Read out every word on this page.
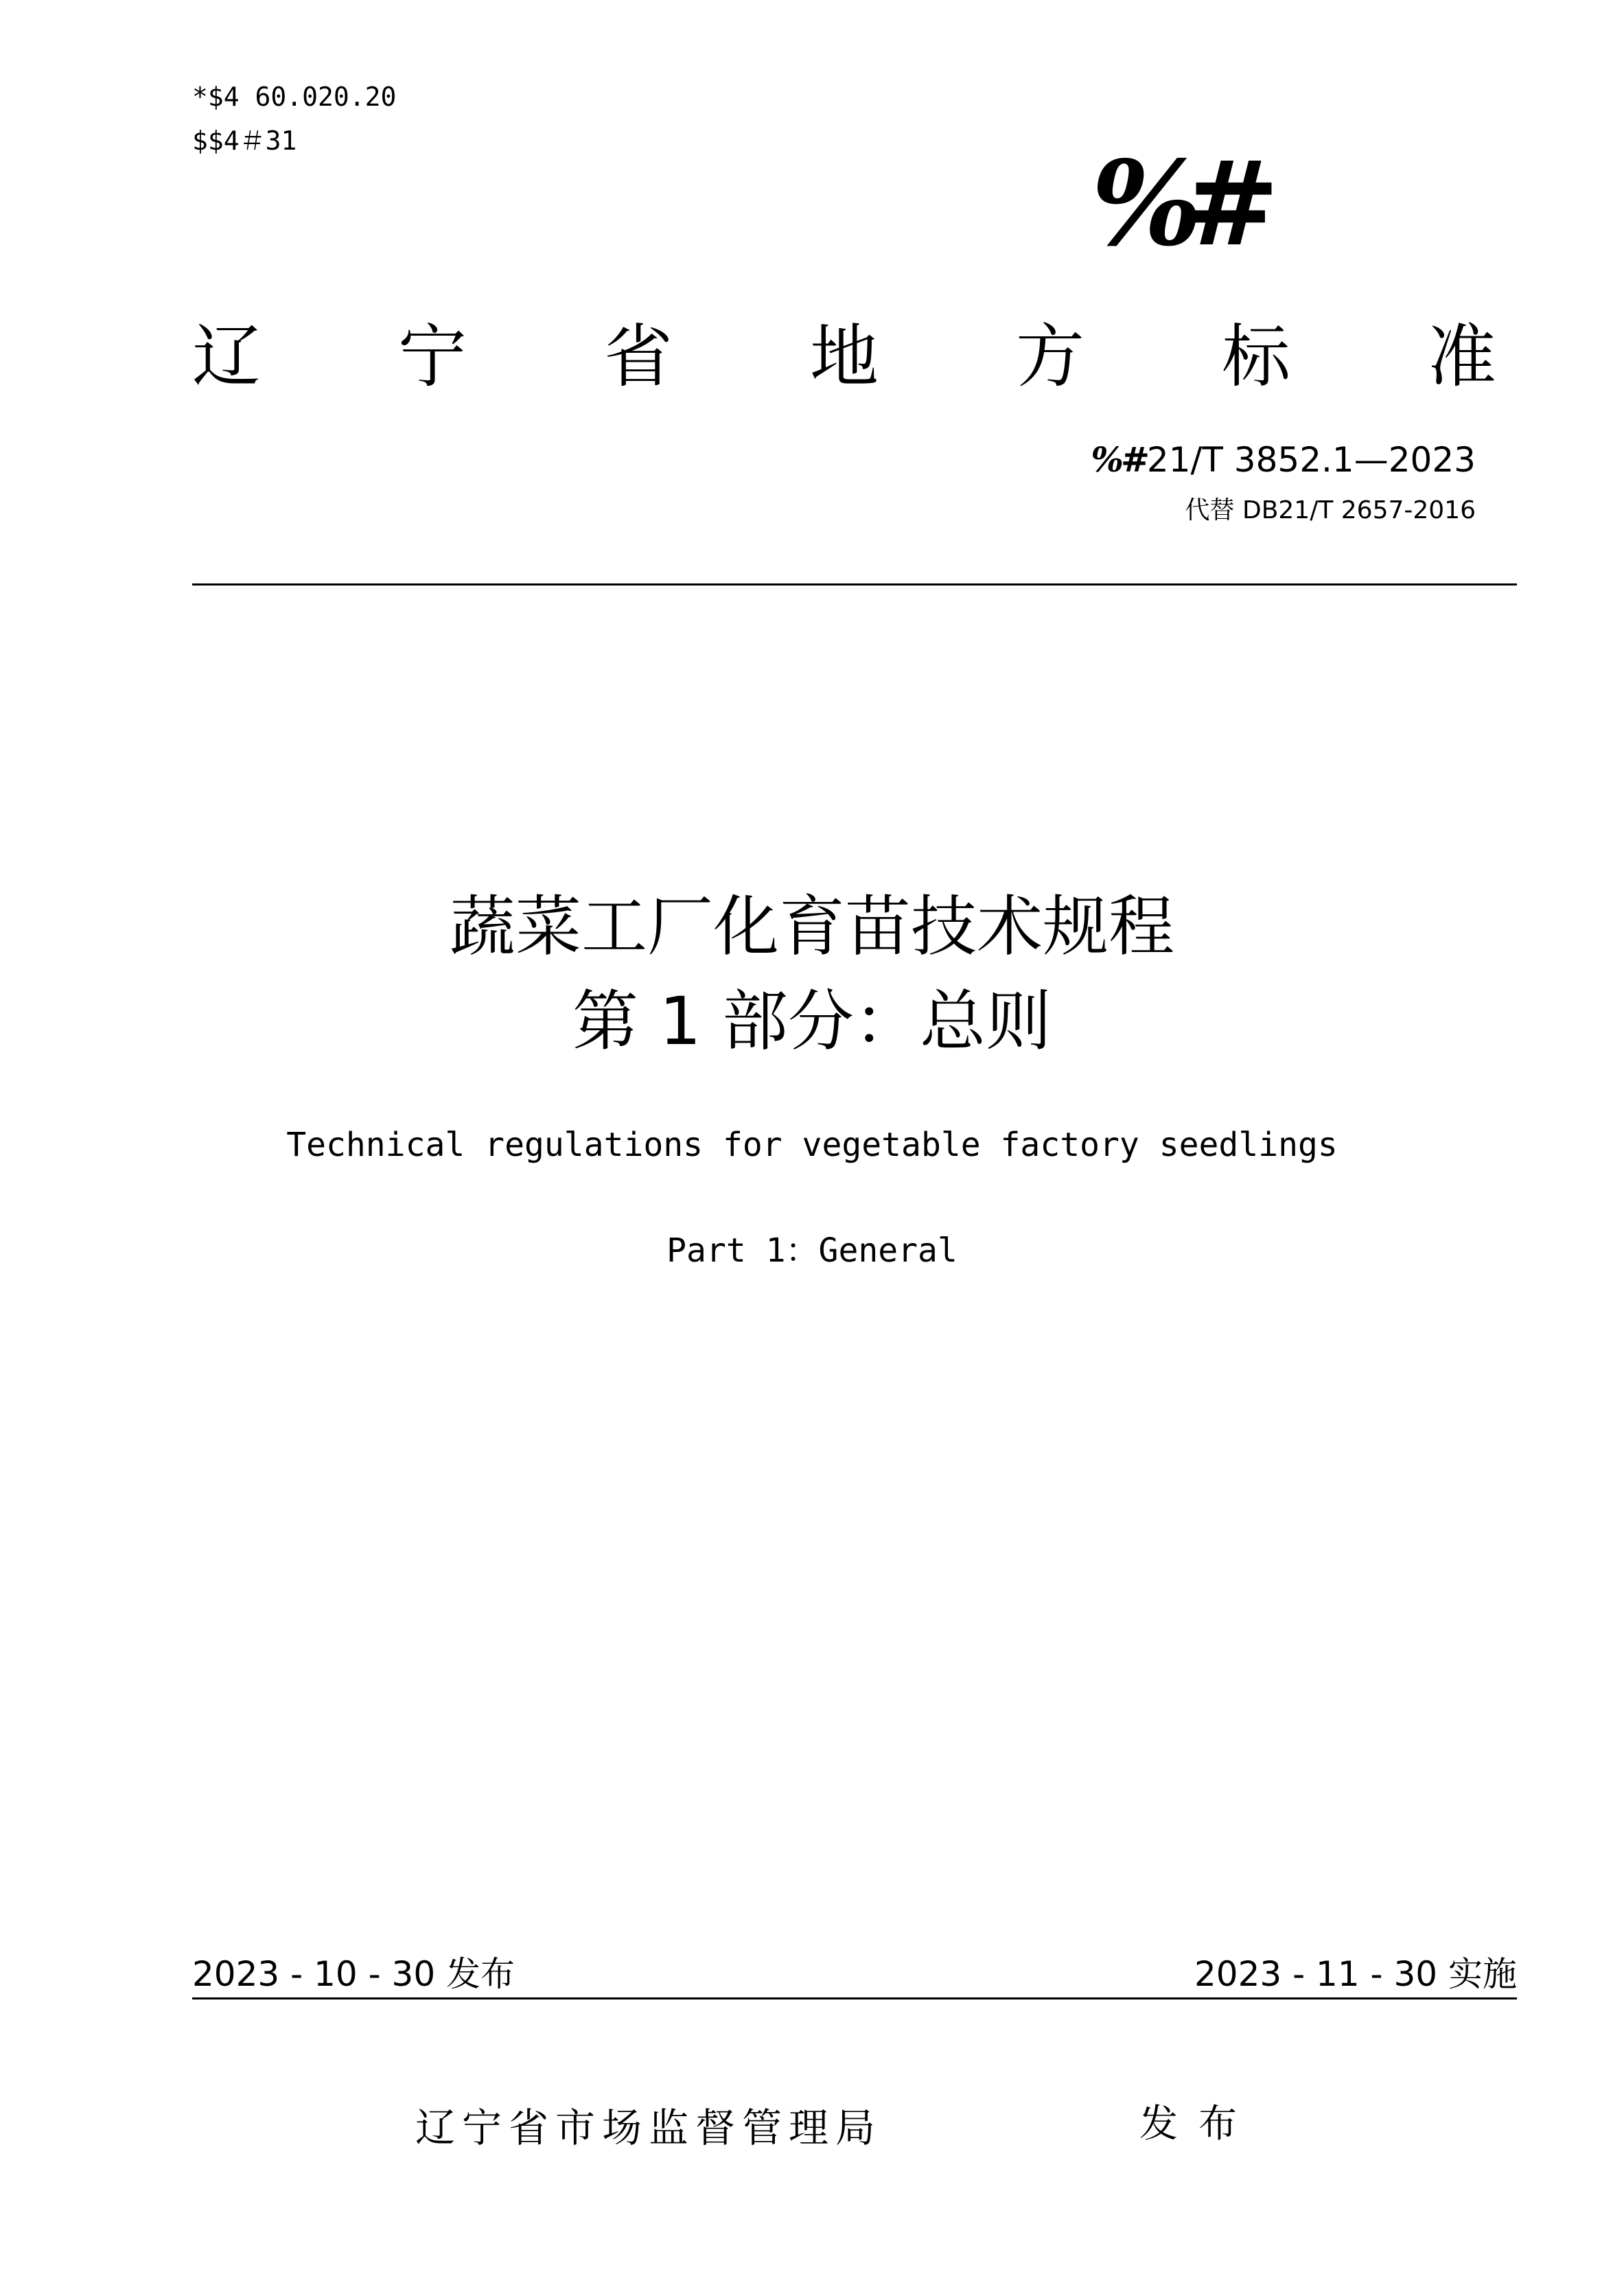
*$4 60.020.20
$$4＃31	%#
辽 宁 省 地 方 标 准
%#21/T 3852.1—2023
代替 DB21/T 2657-2016
蔬菜工厂化育苗技术规程
第 1 部分：总则
Technical regulations for vegetable factory seedlings
Part 1：General
2023 - 10 - 30 发布	2023 - 11 - 30 实施
辽宁省市场监督管理局	发布
